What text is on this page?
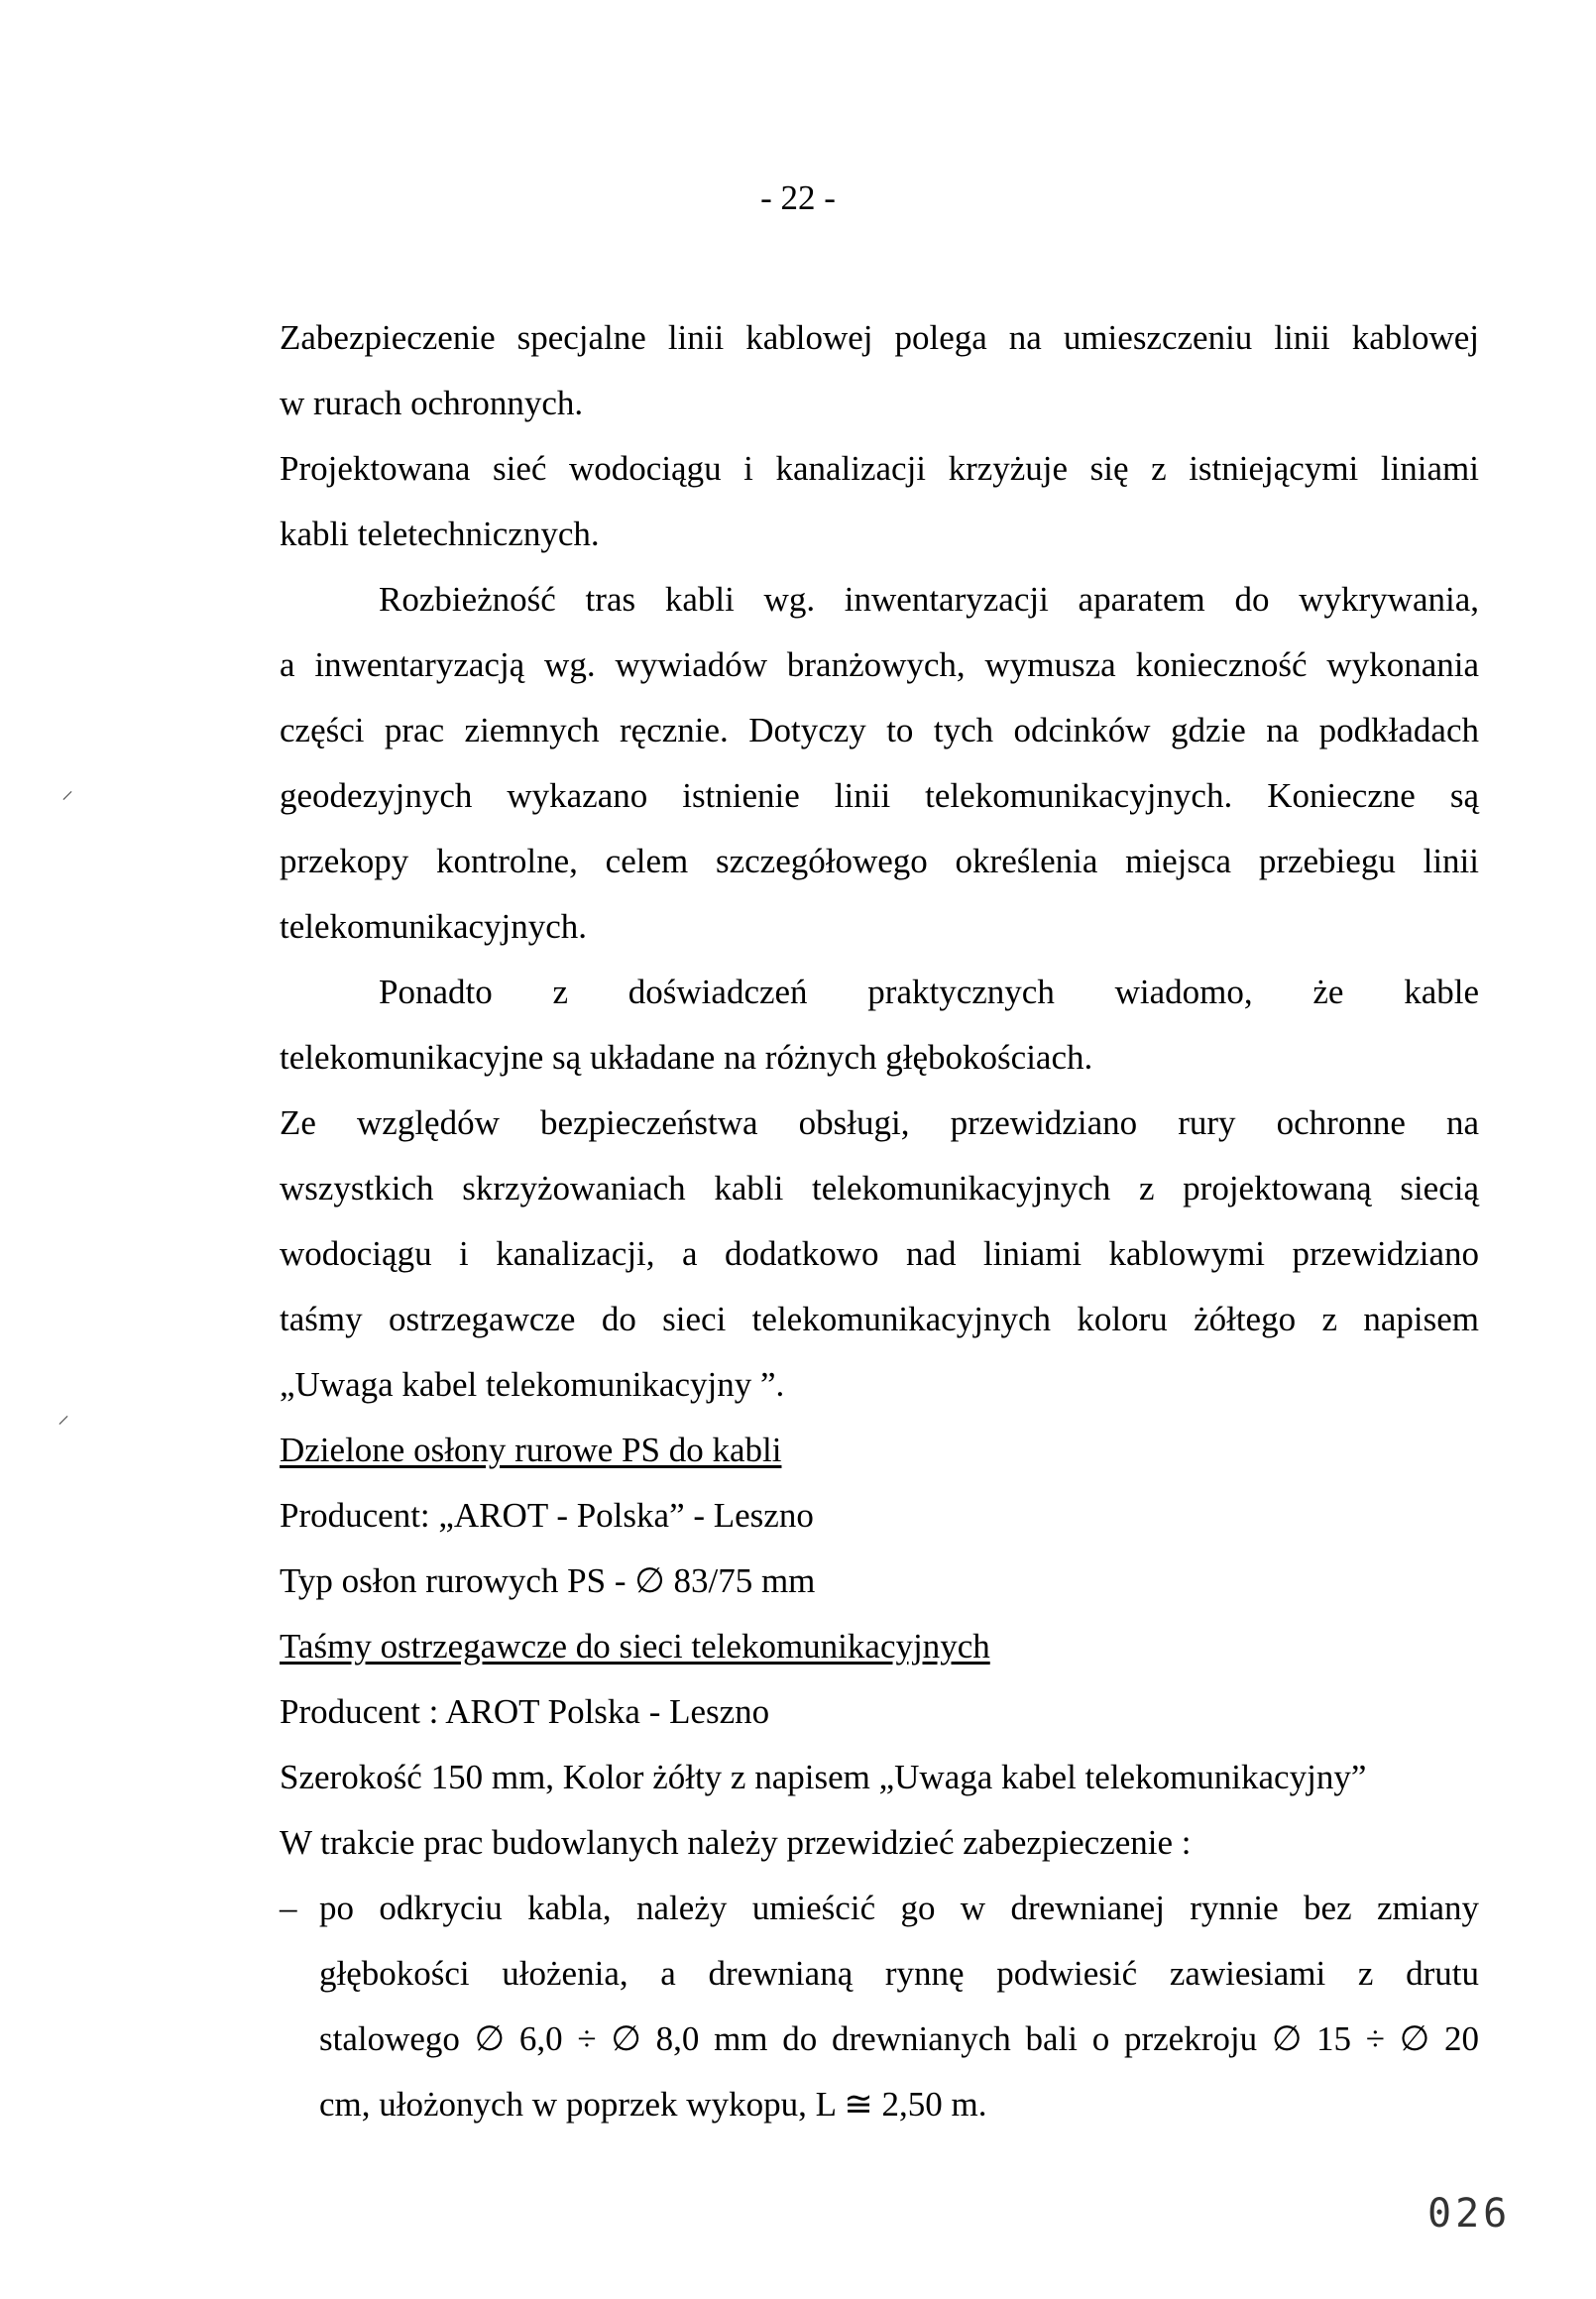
- 22 -
⸝
⸝
Zabezpieczenie specjalne linii kablowej polega na umieszczeniu linii kablowej
w rurach ochronnych.
Projektowana sieć wodociągu i kanalizacji krzyżuje się z istniejącymi liniami
kabli teletechnicznych.
Rozbieżność tras kabli wg. inwentaryzacji aparatem do wykrywania,
a inwentaryzacją wg. wywiadów branżowych, wymusza konieczność wykonania
części prac ziemnych ręcznie. Dotyczy to tych odcinków gdzie na podkładach
geodezyjnych wykazano istnienie linii telekomunikacyjnych. Konieczne są
przekopy kontrolne, celem szczegółowego określenia miejsca przebiegu linii
telekomunikacyjnych.
Ponadto z doświadczeń praktycznych wiadomo, że kable
telekomunikacyjne są układane na różnych głębokościach.
Ze względów bezpieczeństwa obsługi, przewidziano rury ochronne na
wszystkich skrzyżowaniach kabli telekomunikacyjnych z projektowaną siecią
wodociągu i kanalizacji, a dodatkowo nad liniami kablowymi przewidziano
taśmy ostrzegawcze do sieci telekomunikacyjnych koloru żółtego z napisem
„Uwaga kabel telekomunikacyjny ”.
Dzielone osłony rurowe PS do kabli
Producent: „AROT - Polska” - Leszno
Typ osłon rurowych PS - ∅ 83/75 mm
Taśmy ostrzegawcze do sieci telekomunikacyjnych
Producent : AROT Polska - Leszno
Szerokość 150 mm, Kolor żółty z napisem „Uwaga kabel telekomunikacyjny”
W trakcie prac budowlanych należy przewidzieć zabezpieczenie :
– po odkryciu kabla, należy umieścić go w drewnianej rynnie bez zmiany
głębokości ułożenia, a drewnianą rynnę podwiesić zawiesiami z drutu
stalowego ∅ 6,0 ÷ ∅ 8,0 mm do drewnianych bali o przekroju ∅ 15 ÷ ∅ 20
cm, ułożonych w poprzek wykopu, L ≅ 2,50 m.
026
